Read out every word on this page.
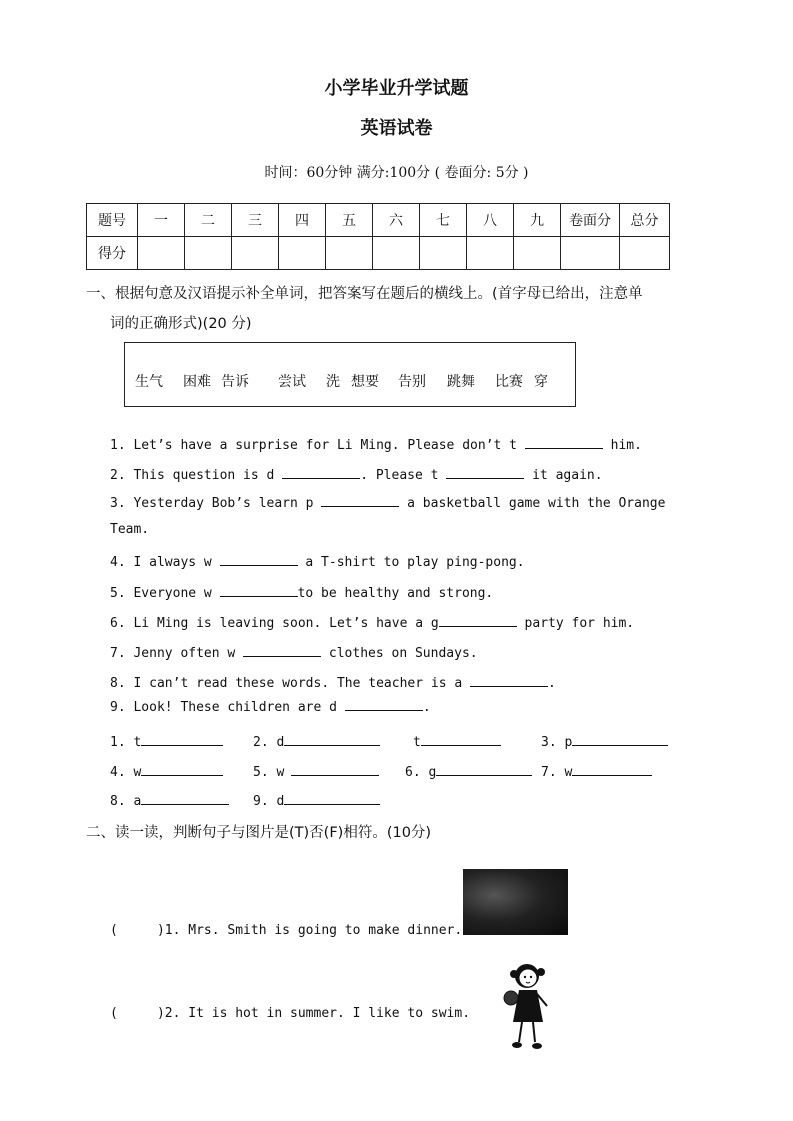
小学毕业升学试题
英语试卷
时间：60分钟 满分:100分 ( 卷面分: 5分 )
题号	一	二	三	四	五	六	七	八	九	卷面分	总分
得分											
一、根据句意及汉语提示补全单词，把答案写在题后的横线上。(首字母已给出，注意单
词的正确形式)(20 分)
生气 困难 告诉 尝试 洗 想要 告别 跳舞 比赛 穿
1. Let’s have a surprise for Li Ming. Please don’t t	him.
2. This question is d	. Please t	it again.
3. Yesterday Bob’s learn p	a basketball game with the Orange
Team.
4. I always w	a T-shirt to play ping-pong.
5. Everyone w	to be healthy and strong.
6. Li Ming is leaving soon. Let’s have a g	party for him.
7. Jenny often w	clothes on Sundays.
8. I can’t read these words. The teacher is a	.
9. Look! These children are d	.
1. t	2. d	t	3. p
4. w	5. w	6. g	7. w
8. a	9. d
二、读一读，判断句子与图片是(T)否(F)相符。(10分)
(     )1. Mrs. Smith is going to make dinner.
(     )2. It is hot in summer. I like to swim.
